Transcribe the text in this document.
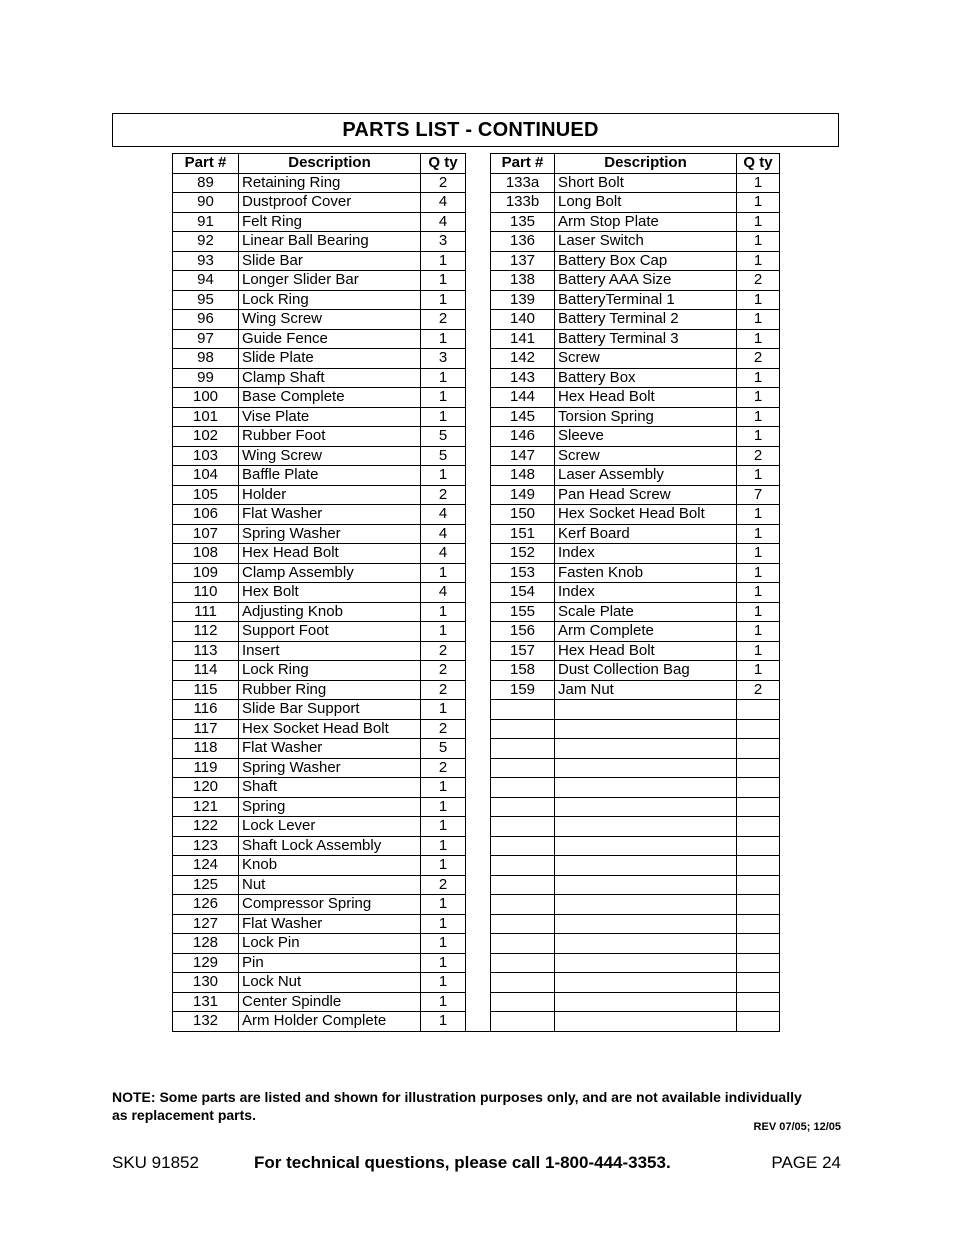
PARTS LIST - CONTINUED
Part #	Description	Q ty		Part #	Description	Q ty
89	Retaining Ring	2		133a	Short Bolt	1
90	Dustproof Cover	4		133b	Long Bolt	1
91	Felt Ring	4		135	Arm Stop Plate	1
92	Linear Ball Bearing	3		136	Laser Switch	1
93	Slide Bar	1		137	Battery Box Cap	1
94	Longer Slider Bar	1		138	Battery AAA Size	2
95	Lock Ring	1		139	BatteryTerminal 1	1
96	Wing Screw	2		140	Battery Terminal 2	1
97	Guide Fence	1		141	Battery Terminal 3	1
98	Slide Plate	3		142	Screw	2
99	Clamp Shaft	1		143	Battery Box	1
100	Base Complete	1		144	Hex Head Bolt	1
101	Vise Plate	1		145	Torsion Spring	1
102	Rubber Foot	5		146	Sleeve	1
103	Wing Screw	5		147	Screw	2
104	Baffle Plate	1		148	Laser Assembly	1
105	Holder	2		149	Pan Head Screw	7
106	Flat Washer	4		150	Hex Socket Head Bolt	1
107	Spring Washer	4		151	Kerf Board	1
108	Hex Head Bolt	4		152	Index	1
109	Clamp Assembly	1		153	Fasten Knob	1
110	Hex Bolt	4		154	Index	1
111	Adjusting Knob	1		155	Scale Plate	1
112	Support Foot	1		156	Arm Complete	1
113	Insert	2		157	Hex Head Bolt	1
114	Lock Ring	2		158	Dust Collection Bag	1
115	Rubber Ring	2		159	Jam Nut	2
116	Slide Bar Support	1				
117	Hex Socket Head Bolt	2				
118	Flat Washer	5				
119	Spring Washer	2				
120	Shaft	1				
121	Spring	1				
122	Lock Lever	1				
123	Shaft Lock Assembly	1				
124	Knob	1				
125	Nut	2				
126	Compressor Spring	1				
127	Flat Washer	1				
128	Lock Pin	1				
129	Pin	1				
130	Lock Nut	1				
131	Center Spindle	1				
132	Arm Holder Complete	1				
NOTE: Some parts are listed and shown for illustration purposes only, and are not available individually as replacement parts.
REV 07/05; 12/05
SKU 91852	For technical questions, please call 1-800-444-3353.	PAGE 24
